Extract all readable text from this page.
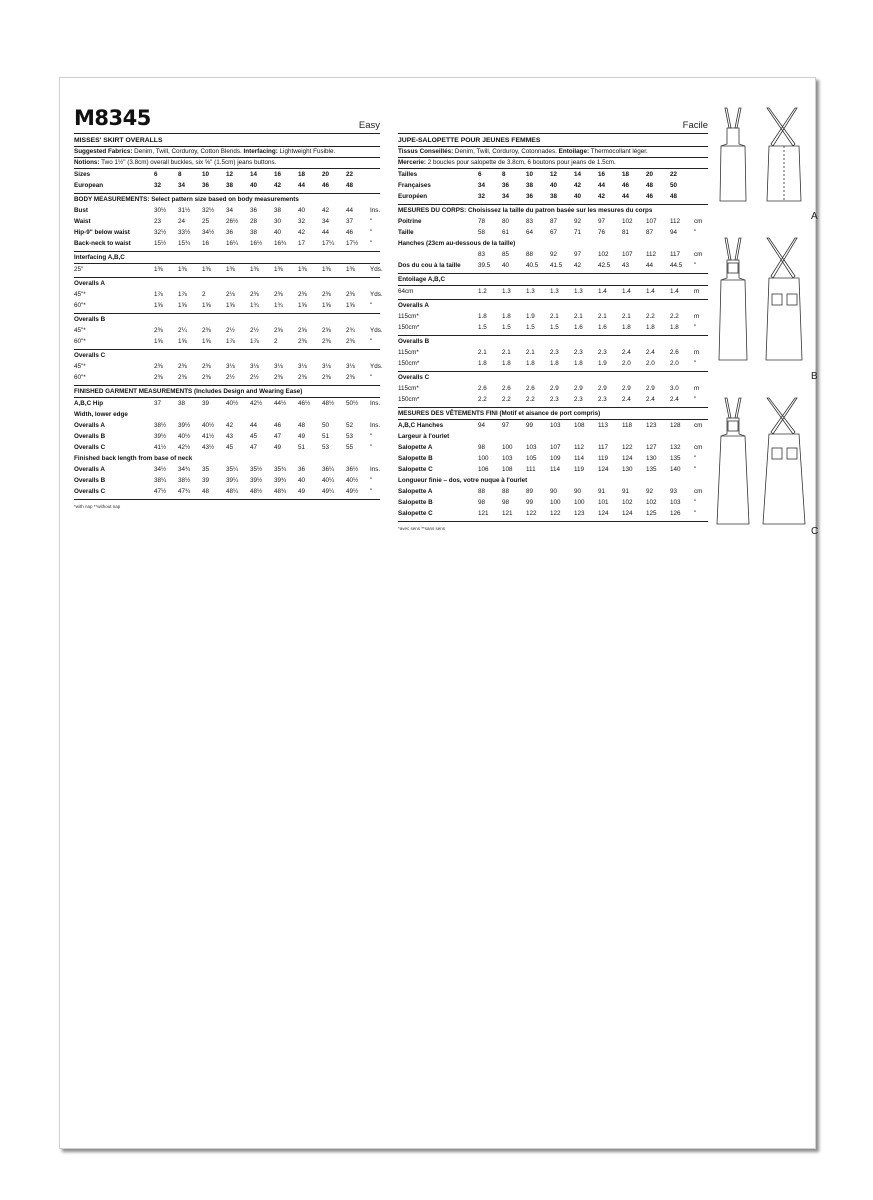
M8345	Easy
MISSES' SKIRT OVERALLS
Suggested Fabrics: Denim, Twill, Corduroy, Cotton Blends. Interfacing: Lightweight Fusible.
Notions: Two 1½" (3.8cm) overall buckles, six ⅝" (1.5cm) jeans buttons.
Sizes	6	8	10	12	14	16	18	20	22
European	32	34	36	38	40	42	44	46	48
BODY MEASUREMENTS: Select pattern size based on body measurements
Bust	30½	31½	32½	34	36	38	40	42	44	Ins.
Waist	23	24	25	26½	28	30	32	34	37	"
Hip-9" below waist	32½	33½	34½	36	38	40	42	44	46	"
Back-neck to waist	15½	15¾	16	16¼	16½	16¾	17	17¼	17½	"
Interfacing A,B,C
25"	1⅜	1⅜	1⅜	1⅜	1⅜	1⅜	1⅜	1⅜	1⅜	Yds.
Overalls A
45"*	1⅞	1⅞	2	2⅛	2⅜	2⅜	2⅜	2⅜	2⅜	Yds.
60"*	1⅝	1⅝	1⅝	1⅝	1¾	1¾	1⅝	1⅝	1⅝	"
Overalls B
45"*	2⅜	2¼	2⅜	2½	2½	2⅝	2⅝	2⅝	2¾	Yds.
60"*	1⅝	1⅝	1⅝	1⅞	1⅞	2	2⅜	2⅜	2⅜	"
Overalls C
45"*	2⅜	2⅜	2⅜	3⅛	3⅛	3⅛	3⅛	3⅛	3⅛	Yds.
60"*	2⅜	2⅜	2⅜	2½	2½	2⅜	2⅜	2⅜	2⅜	"
FINISHED GARMENT MEASUREMENTS (Includes Design and Wearing Ease)
A,B,C Hip	37	38	39	40½	42½	44½	46½	48½	50½	Ins.
Width, lower edge
Overalls A	38½	39½	40½	42	44	46	48	50	52	Ins.
Overalls B	39½	40½	41½	43	45	47	49	51	53	"
Overalls C	41½	42½	43½	45	47	49	51	53	55	"
Finished back length from base of neck
Overalls A	34½	34¾	35	35¼	35½	35¾	36	36¼	36½	Ins.
Overalls B	38¼	38½	39	39¼	39½	39¾	40	40¼	40½	"
Overalls C	47½	47¾	48	48¼	48½	48¾	49	49¼	49½	"
*with nap **without nap
Facile
JUPE-SALOPETTE POUR JEUNES FEMMES
Tissus Conseillés: Denim, Twill, Corduroy, Cotonnades. Entoilage: Thermocollant léger.
Mercerie: 2 boucles pour salopette de 3.8cm, 6 boutons pour jeans de 1.5cm.
Tailles	6	8	10	12	14	16	18	20	22
Françaises	34	36	38	40	42	44	46	48	50
Européen	32	34	36	38	40	42	44	46	48
MESURES DU CORPS: Choisissez la taille du patron basée sur les mesures du corps
Poitrine	78	80	83	87	92	97	102	107	112	cm
Taille	58	61	64	67	71	76	81	87	94	"
Hanches (23cm au-dessous de la taille)
83	85	88	92	97	102	107	112	117	cm
Dos du cou à la taille	39.5	40	40.5	41.5	42	42.5	43	44	44.5	"
Entoilage A,B,C
64cm	1.2	1.3	1.3	1.3	1.3	1.4	1.4	1.4	1.4	m
Overalls A
115cm*	1.8	1.8	1.9	2.1	2.1	2.1	2.1	2.2	2.2	m
150cm*	1.5	1.5	1.5	1.5	1.6	1.6	1.8	1.8	1.8	"
Overalls B
115cm*	2.1	2.1	2.1	2.3	2.3	2.3	2.4	2.4	2.6	m
150cm*	1.8	1.8	1.8	1.8	1.8	1.9	2.0	2.0	2.0	"
Overalls C
115cm*	2.6	2.6	2.6	2.9	2.9	2.9	2.9	2.9	3.0	m
150cm*	2.2	2.2	2.2	2.3	2.3	2.3	2.4	2.4	2.4	"
MESURES DES VÊTEMENTS FINI (Motif et aisance de port compris)
A,B,C Hanches	94	97	99	103	108	113	118	123	128	cm
Largeur à l'ourlet
Salopette A	98	100	103	107	112	117	122	127	132	cm
Salopette B	100	103	105	109	114	119	124	130	135	"
Salopette C	106	108	111	114	119	124	130	135	140	"
Longueur finie – dos, votre nuque à l'ourlet
Salopette A	88	88	89	90	90	91	91	92	93	cm
Salopette B	98	98	99	100	100	101	102	102	103	"
Salopette C	121	121	122	122	123	124	124	125	126	"
*avec sens **sans sens
A
B
C
